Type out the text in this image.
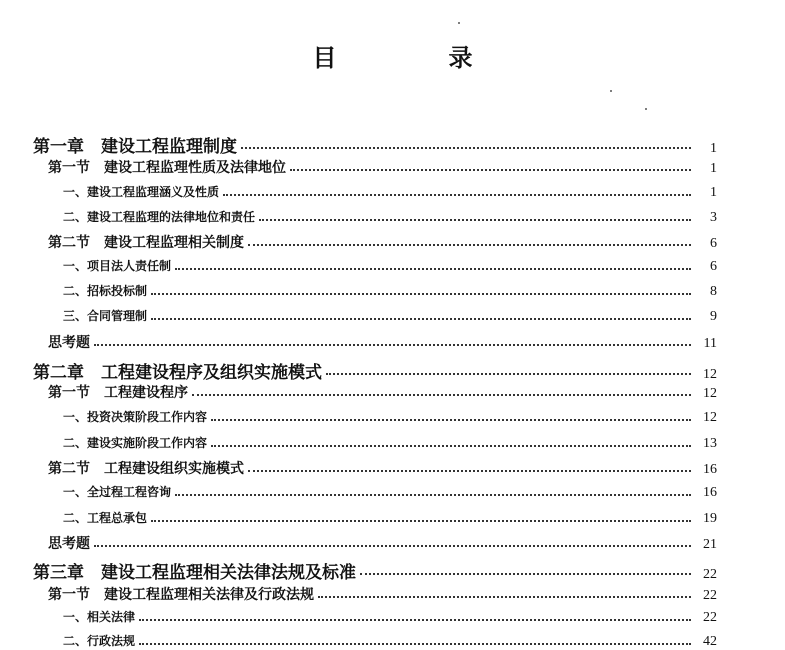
目　录
第一章　建设工程监理制度	1
第一节　建设工程监理性质及法律地位	1
一、建设工程监理涵义及性质	1
二、建设工程监理的法律地位和责任	3
第二节　建设工程监理相关制度	6
一、项目法人责任制	6
二、招标投标制	8
三、合同管理制	9
思考题	11
第二章　工程建设程序及组织实施模式	12
第一节　工程建设程序	12
一、投资决策阶段工作内容	12
二、建设实施阶段工作内容	13
第二节　工程建设组织实施模式	16
一、全过程工程咨询	16
二、工程总承包	19
思考题	21
第三章　建设工程监理相关法律法规及标准	22
第一节　建设工程监理相关法律及行政法规	22
一、相关法律	22
二、行政法规	42
